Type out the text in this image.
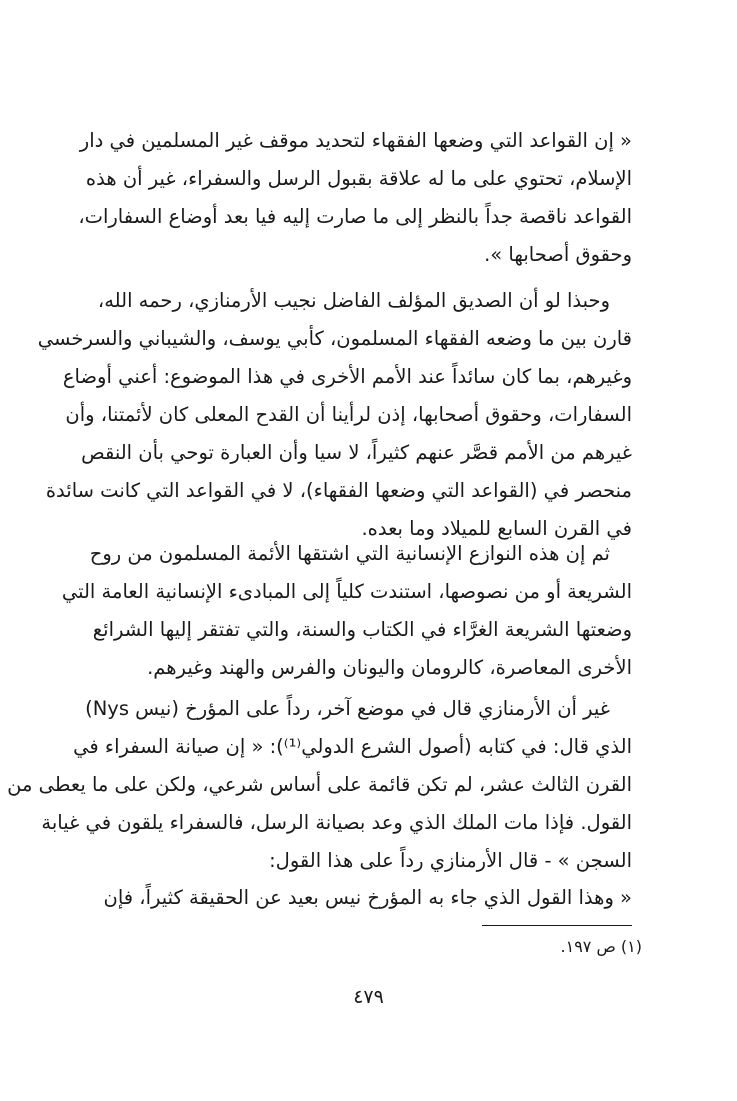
« إن القواعد التي وضعها الفقهاء لتحديد موقف غير المسلمين في دار
الإسلام، تحتوي على ما له علاقة بقبول الرسل والسفراء، غير أن هذه
القواعد ناقصة جداً بالنظر إلى ما صارت إليه فيا بعد أوضاع السفارات،
وحقوق أصحابها ».
وحبذا لو أن الصديق المؤلف الفاضل نجيب الأرمنازي، رحمه الله،
قارن بين ما وضعه الفقهاء المسلمون، كأبي يوسف، والشيباني والسرخسي
وغيرهم، بما كان سائداً عند الأمم الأخرى في هذا الموضوع: أعني أوضاع
السفارات، وحقوق أصحابها، إذن لرأينا أن القدح المعلى كان لأئمتنا، وأن
غيرهم من الأمم قصَّر عنهم كثيراً، لا سيا وأن العبارة توحي بأن النقص
منحصر في (القواعد التي وضعها الفقهاء)، لا في القواعد التي كانت سائدة
في القرن السابع للميلاد وما بعده.
ثم إن هذه النوازع الإنسانية التي اشتقها الأئمة المسلمون من روح
الشريعة أو من نصوصها، استندت كلياً إلى المبادىء الإنسانية العامة التي
وضعتها الشريعة الغرَّاء في الكتاب والسنة، والتي تفتقر إليها الشرائع
الأخرى المعاصرة، كالرومان واليونان والفرس والهند وغيرهم.
غير أن الأرمنازي قال في موضع آخر، رداً على المؤرخ (نيس Nys)
الذي قال: في كتابه (أصول الشرع الدولي⁽¹⁾): « إن صيانة السفراء في
القرن الثالث عشر، لم تكن قائمة على أساس شرعي، ولكن على ما يعطى من
القول. فإذا مات الملك الذي وعد بصيانة الرسل، فالسفراء يلقون في غيابة
السجن » - قال الأرمنازي رداً على هذا القول:
« وهذا القول الذي جاء به المؤرخ نيس بعيد عن الحقيقة كثيراً، فإن
(١) ص ١٩٧.
٤٧٩
